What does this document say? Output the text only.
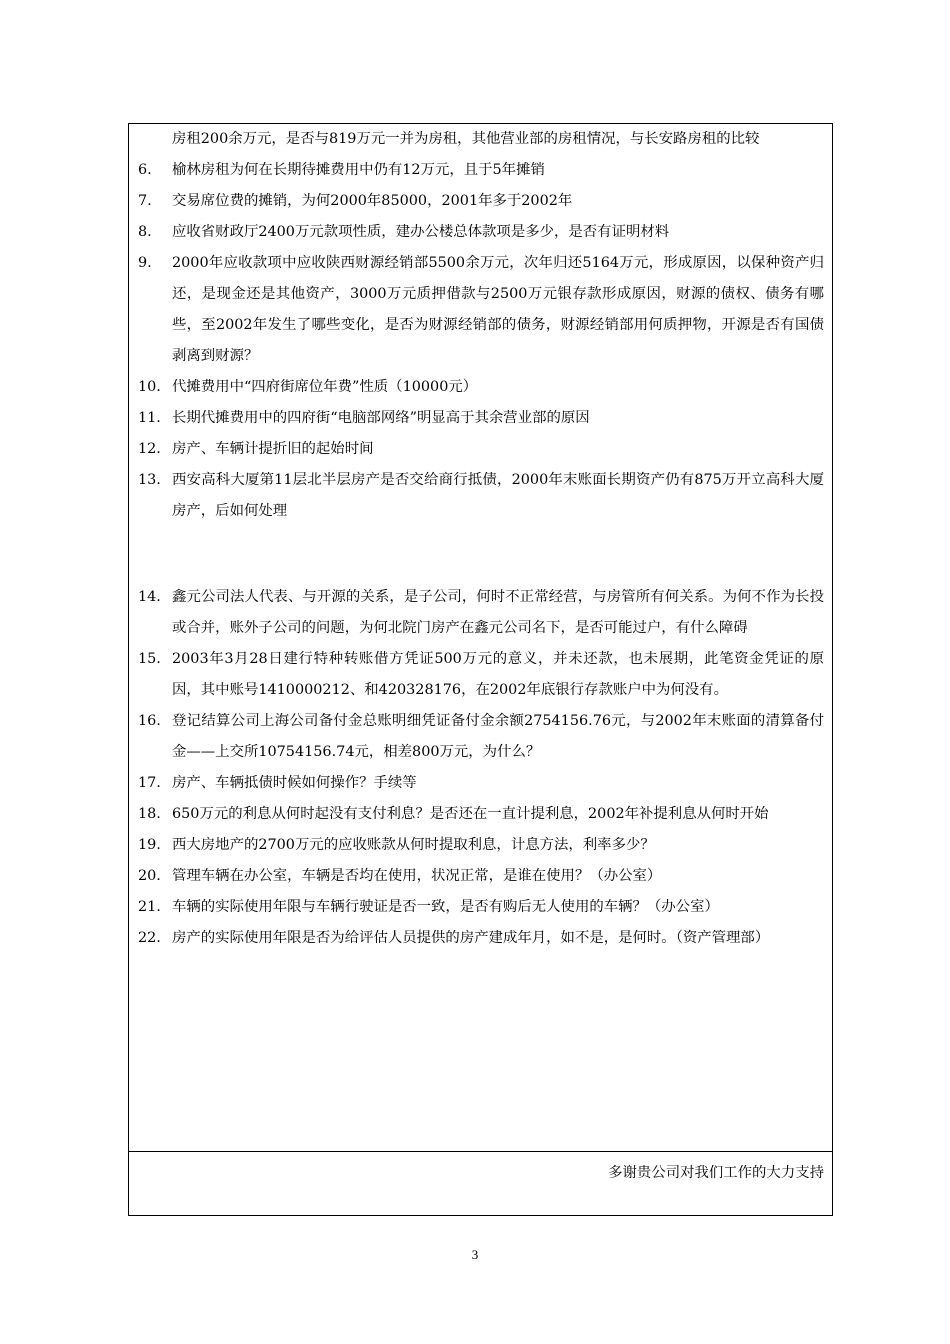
房租200余万元，是否与819万元一并为房租，其他营业部的房租情况，与长安路房租的比较
6.	榆林房租为何在长期待摊费用中仍有12万元，且于5年摊销
7.	交易席位费的摊销，为何2000年85000，2001年多于2002年
8.	应收省财政厅2400万元款项性质，建办公楼总体款项是多少，是否有证明材料
9.	2000年应收款项中应收陕西财源经销部5500余万元，次年归还5164万元，形成原因，以保种资产归还，是现金还是其他资产，3000万元质押借款与2500万元银存款形成原因，财源的债权、债务有哪些，至2002年发生了哪些变化，是否为财源经销部的债务，财源经销部用何质押物，开源是否有国债剥离到财源？
10. 代摊费用中“四府街席位年费”性质（10000元）
11. 长期代摊费用中的四府街“电脑部网络”明显高于其余营业部的原因
12. 房产、车辆计提折旧的起始时间
13. 西安高科大厦第11层北半层房产是否交给商行抵债，2000年末账面长期资产仍有875万开立高科大厦房产，后如何处理
14. 鑫元公司法人代表、与开源的关系，是子公司，何时不正常经营，与房管所有何关系。为何不作为长投或合并，账外子公司的问题，为何北院门房产在鑫元公司名下，是否可能过户，有什么障碍
15. 2003年3月28日建行特种转账借方凭证500万元的意义，并未还款，也未展期，此笔资金凭证的原因，其中账号1410000212、和420328176，在2002年底银行存款账户中为何没有。
16. 登记结算公司上海公司备付金总账明细凭证备付金余额2754156.76元，与2002年末账面的清算备付金——上交所10754156.74元，相差800万元，为什么？
17. 房产、车辆抵债时候如何操作？手续等
18. 650万元的利息从何时起没有支付利息？是否还在一直计提利息，2002年补提利息从何时开始
19. 西大房地产的2700万元的应收账款从何时提取利息，计息方法，利率多少？
20. 管理车辆在办公室，车辆是否均在使用，状况正常，是谁在使用？（办公室）
21. 车辆的实际使用年限与车辆行驶证是否一致，是否有购后无人使用的车辆？（办公室）
22. 房产的实际使用年限是否为给评估人员提供的房产建成年月，如不是，是何时。（资产管理部）
多谢贵公司对我们工作的大力支持
3
